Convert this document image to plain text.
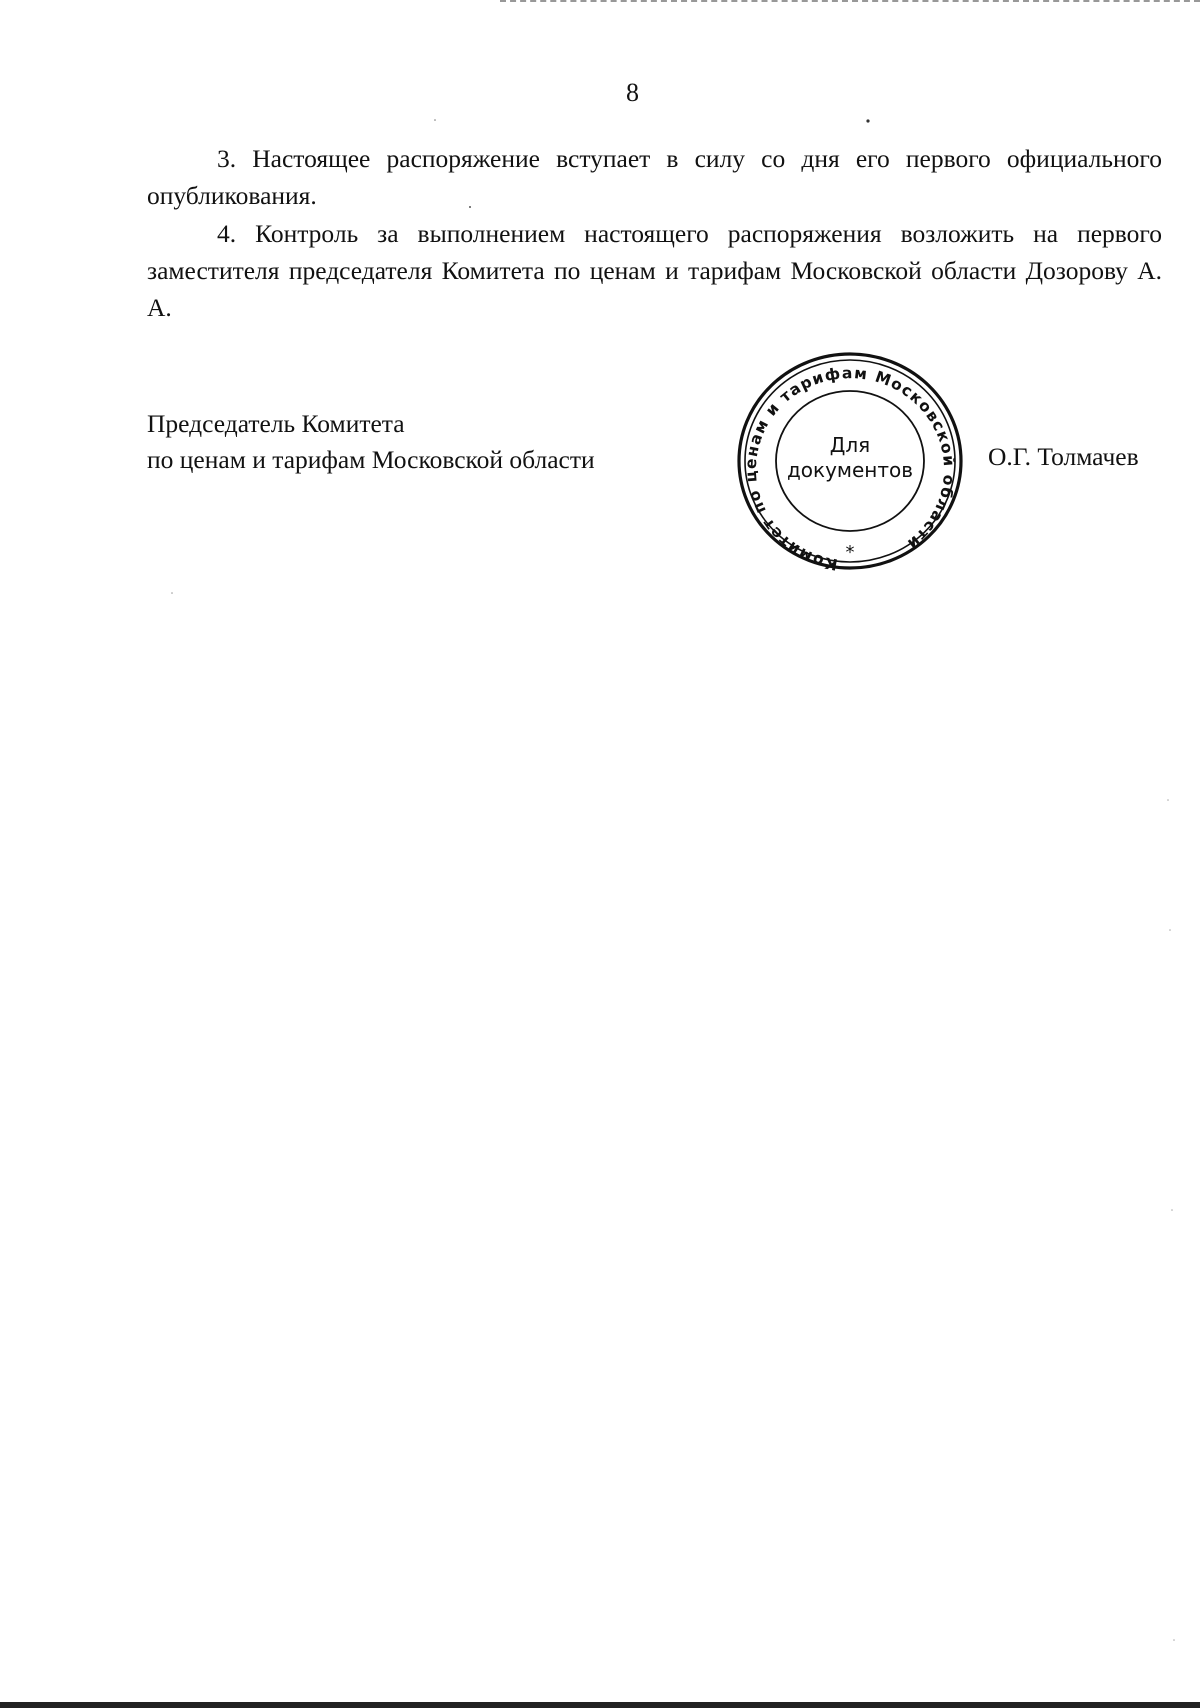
8

3. Настоящее распоряжение вступает в силу со дня его первого официального опубликования.

4. Контроль за выполнением настоящего распоряжения возложить на первого заместителя председателя Комитета по ценам и тарифам Московской области Дозорову А. А.

Председатель Комитета
по ценам и тарифам Московской области
Комитет по ценам и тарифам Московской области
Для
документов
*
О.Г. Толмачев
